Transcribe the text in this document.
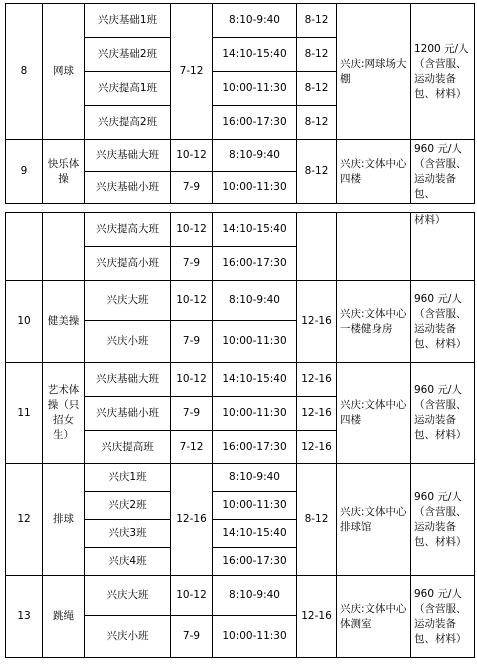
8	网球	兴庆基础1班	7-12	8:10-9:40	8-12	兴庆:网球场大棚	1200 元/人（含营服、运动装备包、材料）
		兴庆基础2班		14:10-15:40	8-12		
		兴庆提高1班		10:00-11:30	8-12		
		兴庆提高2班		16:00-17:30	8-12		
9	快乐体操	兴庆基础大班	10-12	8:10-9:40	8-12	兴庆:文体中心四楼	960 元/人（含营服、运动装备包、
		兴庆基础小班	7-9	10:00-11:30			
		兴庆提高大班	10-12	14:10-15:40			材料）
		兴庆提高小班	7-9	16:00-17:30			
10	健美操	兴庆大班	10-12	8:10-9:40	12-16	兴庆:文体中心一楼健身房	960 元/人（含营服、运动装备包、材料）
		兴庆小班	7-9	10:00-11:30			
11	艺术体操（只招女生）	兴庆基础大班	10-12	14:10-15:40	12-16	兴庆:文体中心四楼	960 元/人（含营服、运动装备包、材料）
		兴庆基础小班	7-9	10:00-11:30	12-16		
		兴庆提高班	7-12	16:00-17:30	12-16		
12	排球	兴庆1班	12-16	8:10-9:40	8-12	兴庆:文体中心排球馆	960 元/人（含营服、运动装备包、材料）
		兴庆2班		10:00-11:30			
		兴庆3班		14:10-15:40			
		兴庆4班		16:00-17:30			
13	跳绳	兴庆大班	10-12	8:10-9:40	12-16	兴庆:文体中心体测室	960 元/人（含营服、运动装备包、材料）
		兴庆小班	7-9	10:00-11:30			
